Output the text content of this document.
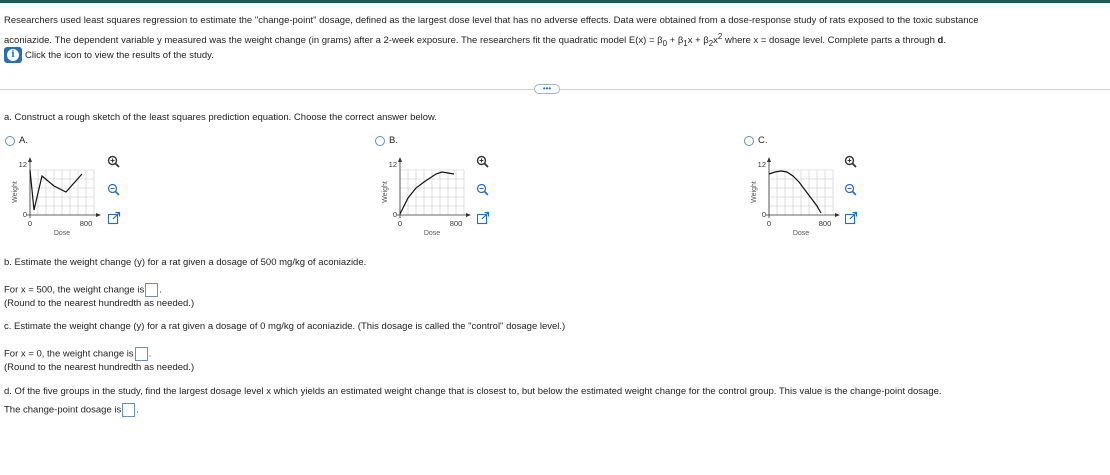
Researchers used least squares regression to estimate the "change-point" dosage, defined as the largest dose level that has no adverse effects. Data were obtained from a dose-response study of rats exposed to the toxic substance
aconiazide. The dependent variable y measured was the weight change (in grams) after a 2-week exposure. The researchers fit the quadratic model $E(x) = \beta_0 + \beta_1x + \beta_2x^2$ where x = dosage level. Complete parts a through d.
i	Click the icon to view the results of the study.
•••
a. Construct a rough sketch of the least squares prediction equation. Choose the correct answer below.
A.
12
0
0	800
Dose
Weight
B.
12
0
0	800
Dose
Weight
C.
12
0
0	800
Dose
Weight
b. Estimate the weight change (y) for a rat given a dosage of 500 mg/kg of aconiazide.
For x = 500, the weight change is .
(Round to the nearest hundredth as needed.)
c. Estimate the weight change (y) for a rat given a dosage of 0 mg/kg of aconiazide. (This dosage is called the "control" dosage level.)
For x = 0, the weight change is .
(Round to the nearest hundredth as needed.)
d. Of the five groups in the study, find the largest dosage level x which yields an estimated weight change that is closest to, but below the estimated weight change for the control group. This value is the change-point dosage.
The change-point dosage is .
